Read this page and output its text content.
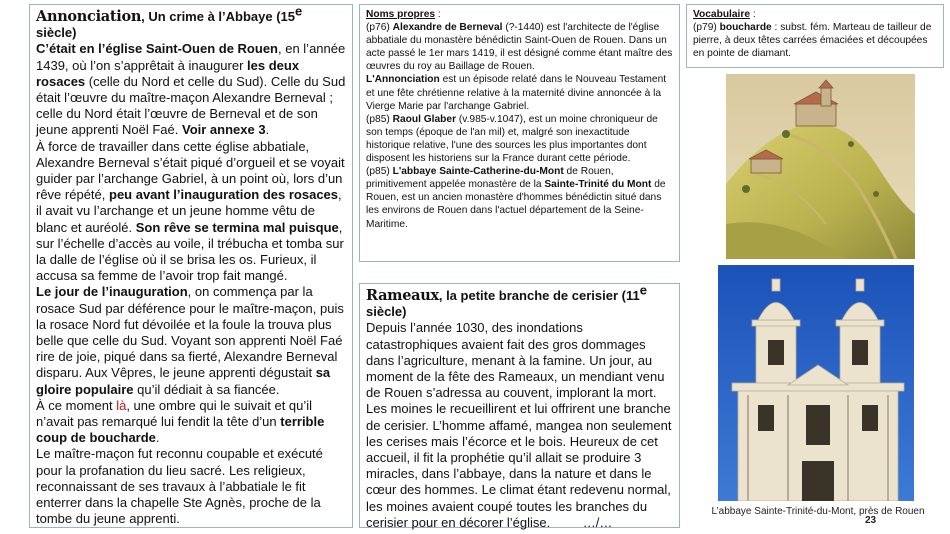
Annonciation, Un crime à l’Abbaye (15e siècle)

C’était en l’église Saint-Ouen de Rouen, en l’année 1439, où l’on s’apprêtait à inaugurer les deux rosaces (celle du Nord et celle du Sud). Celle du Sud était l’œuvre du maître-maçon Alexandre Berneval ; celle du Nord était l’œuvre de Berneval et de son jeune apprenti Noël Faé. Voir annexe 3.

À force de travailler dans cette église abbatiale, Alexandre Berneval s’était piqué d’orgueil et se voyait guider par l’archange Gabriel, à un point où, lors d’un rêve répété, peu avant l’inauguration des rosaces, il avait vu l’archange et un jeune homme vêtu de blanc et auréolé. Son rêve se termina mal puisque, sur l’échelle d’accès au voile, il trébucha et tomba sur la dalle de l’église où il se brisa les os. Furieux, il accusa sa femme de l’avoir trop fait mangé.

Le jour de l’inauguration, on commença par la rosace Sud par déférence pour le maître-maçon, puis la rosace Nord fut dévoilée et la foule la trouva plus belle que celle du Sud. Voyant son apprenti Noël Faé rire de joie, piqué dans sa fierté, Alexandre Berneval disparu. Aux Vêpres, le jeune apprenti dégustait sa gloire populaire qu’il dédiait à sa fiancée.

À ce moment là, une ombre qui le suivait et qu’il n’avait pas remarqué lui fendit la tête d’un terrible coup de boucharde.

Le maître-maçon fut reconnu coupable et exécuté pour la profanation du lieu sacré. Les religieux, reconnaissant de ses travaux à l’abbatiale le fit enterrer dans la chapelle Ste Agnès, proche de la tombe du jeune apprenti.

Noms propres :

(p76) Alexandre de Berneval (?-1440) est l'architecte de l'église abbatiale du monastère bénédictin Saint-Ouen de Rouen. Dans un acte passé le 1er mars 1419, il est désigné comme étant maître des œuvres du roy au Baillage de Rouen.

L'Annonciation est un épisode relaté dans le Nouveau Testament et une fête chrétienne relative à la maternité divine annoncée à la Vierge Marie par l'archange Gabriel.

(p85) Raoul Glaber (v.985-v.1047), est un moine chroniqueur de son temps (époque de l'an mil) et, malgré son inexactitude historique relative, l'une des sources les plus importantes dont disposent les historiens sur la France durant cette période.

(p85) L'abbaye Sainte-Catherine-du-Mont de Rouen, primitivement appelée monastère de la Sainte-Trinité du Mont de Rouen, est un ancien monastère d'hommes bénédictin situé dans les environs de Rouen dans l'actuel département de la Seine-Maritime.

Rameaux, la petite branche de cerisier (11e siècle)

Depuis l’année 1030, des inondations catastrophiques avaient fait des gros dommages dans l’agriculture, menant à la famine. Un jour, au moment de la fête des Rameaux, un mendiant venu de Rouen s’adressa au couvent, implorant la mort.

Les moines le recueillirent et lui offrirent une branche de cerisier. L’homme affamé, mangea non seulement les cerises mais l’écorce et le bois. Heureux de cet accueil, il fit la prophétie qu’il allait se produire 3 miracles, dans l’abbaye, dans la nature et dans le cœur des hommes. Le climat étant redevenu normal, les moines avaient coupé toutes les branches du cerisier pour en décorer l’église.	…/…

Vocabulaire :

(p79) boucharde : subst. fém. Marteau de tailleur de pierre, à deux têtes carrées émaciées et découpées en pointe de diamant.

L’abbaye Sainte-Trinité-du-Mont, près de Rouen
23
